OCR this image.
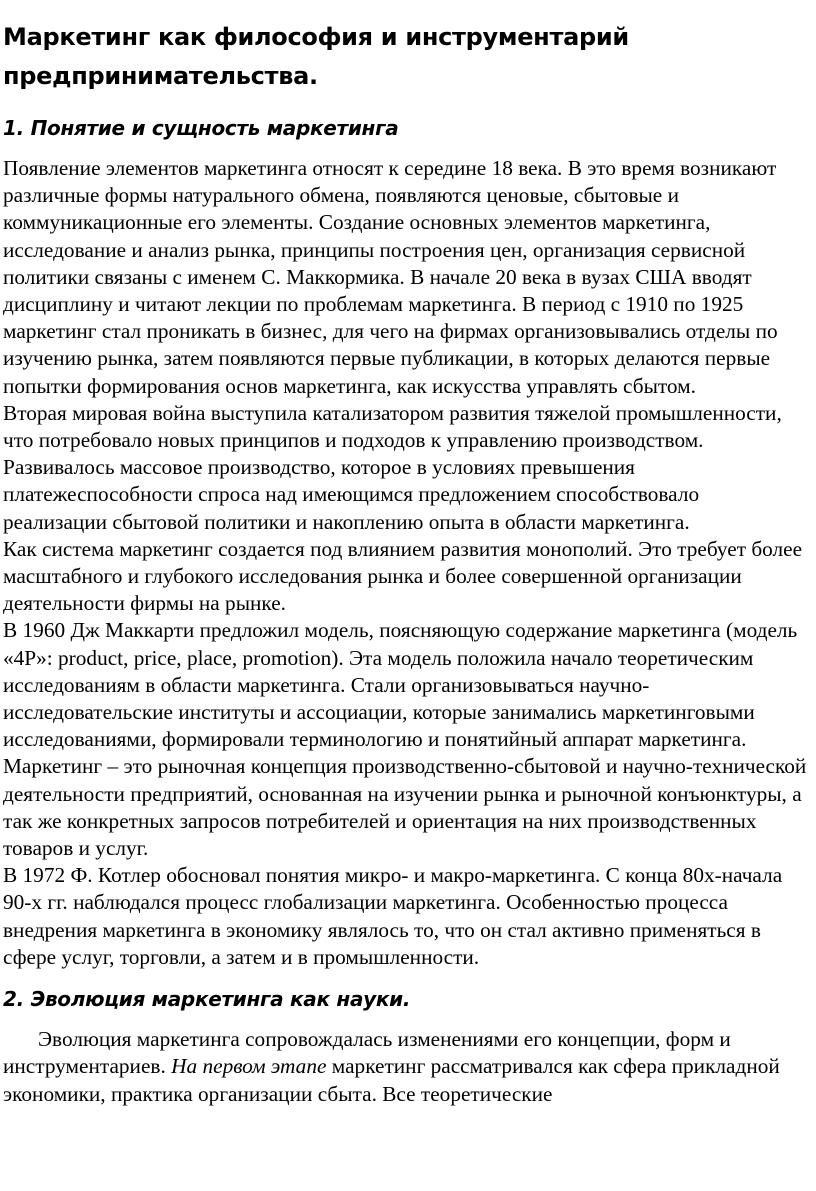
Маркетинг как философия и инструментарий предпринимательства.
1. Понятие и сущность маркетинга

Появление элементов маркетинга относят к середине 18 века. В это время возникают различные формы натурального обмена, появляются ценовые, сбытовые и коммуникационные его элементы. Создание основных элементов маркетинга, исследование и анализ рынка, принципы построения цен, организация сервисной политики связаны с именем С. Маккормика. В начале 20 века в вузах США вводят дисциплину и читают лекции по проблемам маркетинга. В период с 1910 по 1925 маркетинг стал проникать в бизнес, для чего на фирмах организовывались отделы по изучению рынка, затем появляются первые публикации, в которых делаются первые попытки формирования основ маркетинга, как искусства управлять сбытом.

Вторая мировая война выступила катализатором развития тяжелой промышленности, что потребовало новых принципов и подходов к управлению производством. Развивалось массовое производство, которое в условиях превышения платежеспособности спроса над имеющимся предложением способствовало реализации сбытовой политики и накоплению опыта в области маркетинга.

Как система маркетинг создается под влиянием развития монополий. Это требует более масштабного и глубокого исследования рынка и более совершенной организации деятельности фирмы на рынке.

В 1960 Дж Маккарти предложил модель, поясняющую содержание маркетинга (модель «4P»: product, price, place, promotion). Эта модель положила начало теоретическим исследованиям в области маркетинга. Стали организовываться научно-исследовательские институты и ассоциации, которые занимались маркетинговыми исследованиями, формировали терминологию и понятийный аппарат маркетинга.

Маркетинг – это рыночная концепция производственно-сбытовой и научно-технической деятельности предприятий, основанная на изучении рынка и рыночной конъюнктуры, а так же конкретных запросов потребителей и ориентация на них производственных товаров и услуг.

В 1972 Ф. Котлер обосновал понятия микро- и макро-маркетинга. С конца 80х-начала 90-х гг. наблюдался процесс глобализации маркетинга. Особенностью процесса внедрения маркетинга в экономику являлось то, что он стал активно применяться в сфере услуг, торговли, а затем и в промышленности.

2. Эволюция маркетинга как науки.

Эволюция маркетинга сопровождалась изменениями его концепции, форм и инструментариев. На первом этапе маркетинг рассматривался как сфера прикладной экономики, практика организации сбыта. Все теоретические
